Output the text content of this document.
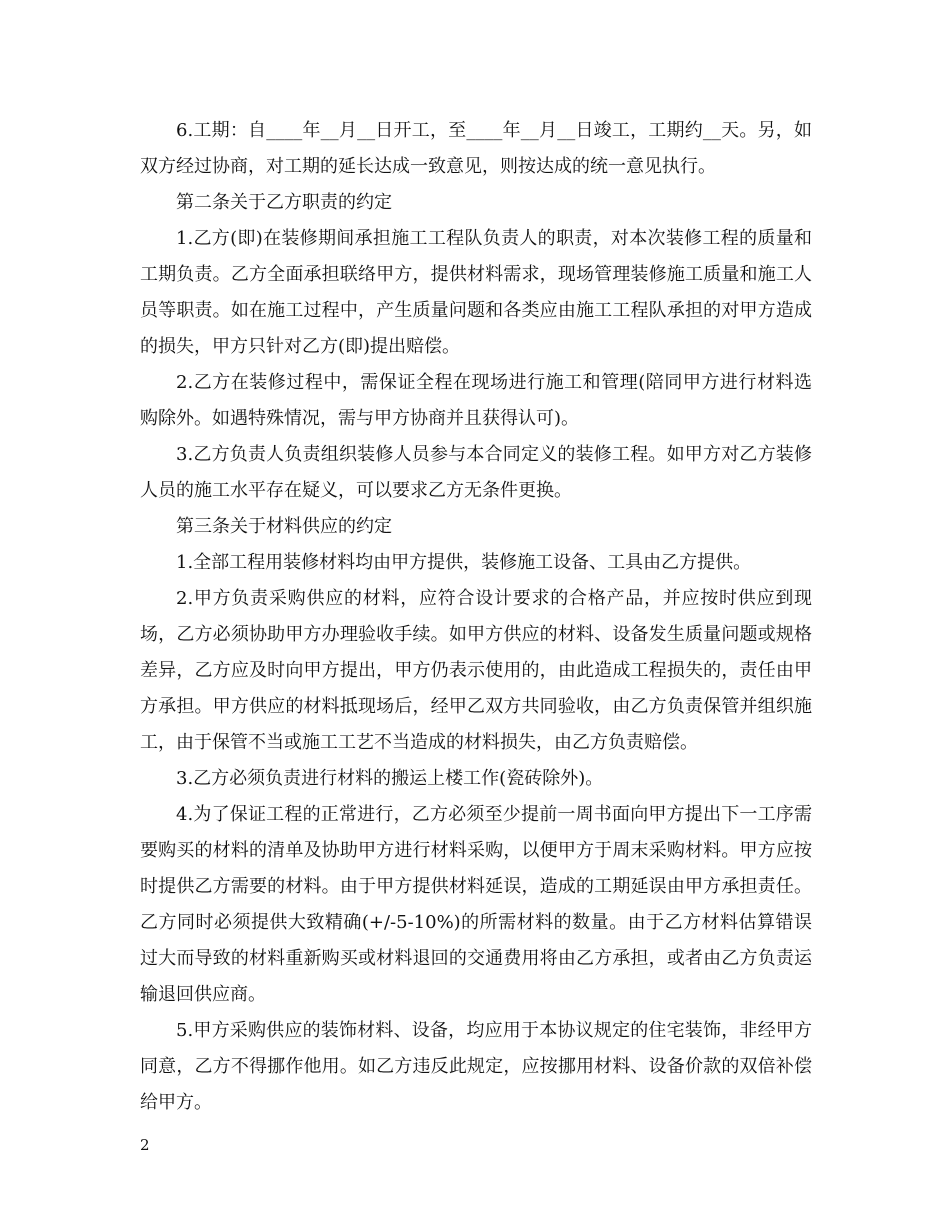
6.工期：自____年__月__日开工，至____年__月__日竣工，工期约__天。另，如双方经过协商，对工期的延长达成一致意见，则按达成的统一意见执行。

第二条关于乙方职责的约定

1.乙方(即)在装修期间承担施工工程队负责人的职责，对本次装修工程的质量和工期负责。乙方全面承担联络甲方，提供材料需求，现场管理装修施工质量和施工人员等职责。如在施工过程中，产生质量问题和各类应由施工工程队承担的对甲方造成的损失，甲方只针对乙方(即)提出赔偿。

2.乙方在装修过程中，需保证全程在现场进行施工和管理(陪同甲方进行材料选购除外。如遇特殊情况，需与甲方协商并且获得认可)。

3.乙方负责人负责组织装修人员参与本合同定义的装修工程。如甲方对乙方装修人员的施工水平存在疑义，可以要求乙方无条件更换。

第三条关于材料供应的约定

1.全部工程用装修材料均由甲方提供，装修施工设备、工具由乙方提供。

2.甲方负责采购供应的材料，应符合设计要求的合格产品，并应按时供应到现场，乙方必须协助甲方办理验收手续。如甲方供应的材料、设备发生质量问题或规格差异，乙方应及时向甲方提出，甲方仍表示使用的，由此造成工程损失的，责任由甲方承担。甲方供应的材料抵现场后，经甲乙双方共同验收，由乙方负责保管并组织施工，由于保管不当或施工工艺不当造成的材料损失，由乙方负责赔偿。

3.乙方必须负责进行材料的搬运上楼工作(瓷砖除外)。

4.为了保证工程的正常进行，乙方必须至少提前一周书面向甲方提出下一工序需要购买的材料的清单及协助甲方进行材料采购，以便甲方于周末采购材料。甲方应按时提供乙方需要的材料。由于甲方提供材料延误，造成的工期延误由甲方承担责任。乙方同时必须提供大致精确(+/-5-10%)的所需材料的数量。由于乙方材料估算错误过大而导致的材料重新购买或材料退回的交通费用将由乙方承担，或者由乙方负责运输退回供应商。

5.甲方采购供应的装饰材料、设备，均应用于本协议规定的住宅装饰，非经甲方同意，乙方不得挪作他用。如乙方违反此规定，应按挪用材料、设备价款的双倍补偿给甲方。

2
